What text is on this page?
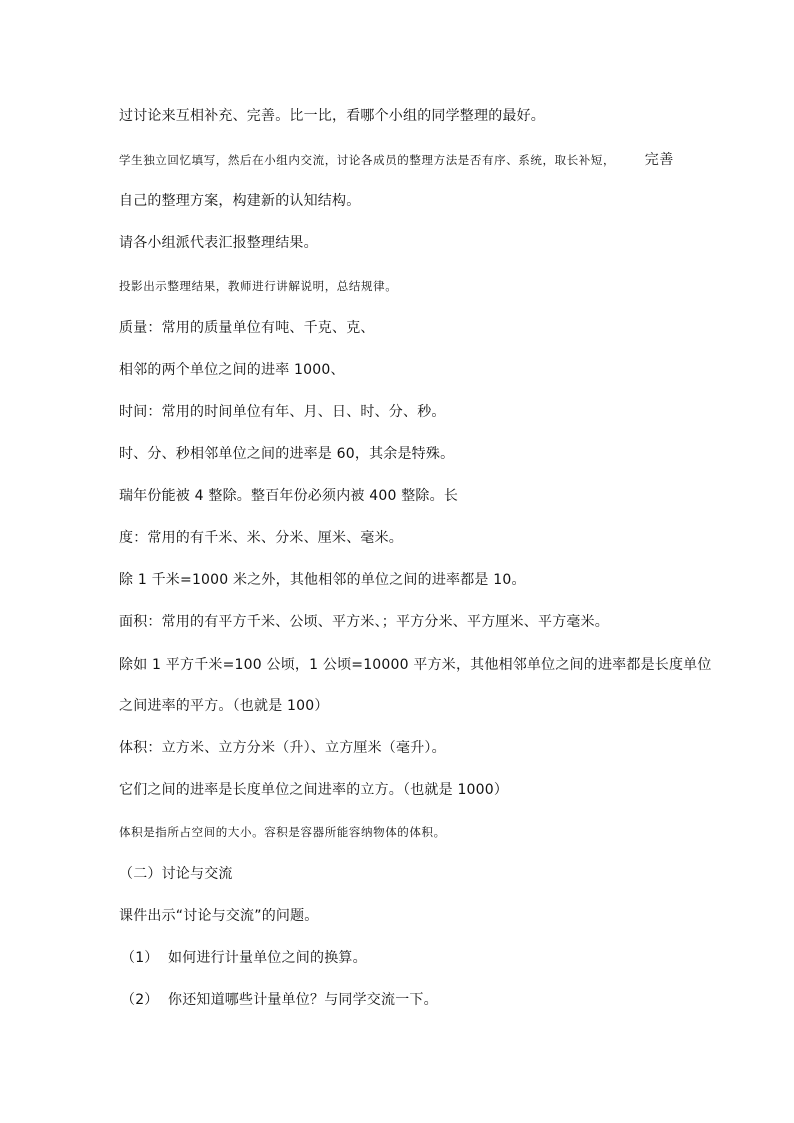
过讨论来互相补充、完善。比一比，看哪个小组的同学整理的最好。
学生独立回忆填写，然后在小组内交流，讨论各成员的整理方法是否有序、系统，取长补短， 完善
自己的整理方案，构建新的认知结构。
请各小组派代表汇报整理结果。
投影出示整理结果，教师进行讲解说明，总结规律。
质量：常用的质量单位有吨、千克、克、
相邻的两个单位之间的进率 1000、
时间：常用的时间单位有年、月、日、时、分、秒。
时、分、秒相邻单位之间的进率是 60，其余是特殊。
瑞年份能被 4 整除。整百年份必须内被 400 整除。长
度：常用的有千米、米、分米、厘米、毫米。
除 1 千米=1000 米之外，其他相邻的单位之间的进率都是 10。
面积：常用的有平方千米、公顷、平方米、；平方分米、平方厘米、平方毫米。
除如 1 平方千米=100 公顷，1 公顷=10000 平方米，其他相邻单位之间的进率都是长度单位
之间进率的平方。（也就是 100）
体积：立方米、立方分米（升）、立方厘米（毫升）。
它们之间的进率是长度单位之间进率的立方。（也就是 1000）
体积是指所占空间的大小。容积是容器所能容纳物体的体积。
（二）讨论与交流
课件出示“讨论与交流”的问题。
（1） 如何进行计量单位之间的换算。
（2） 你还知道哪些计量单位？与同学交流一下。
